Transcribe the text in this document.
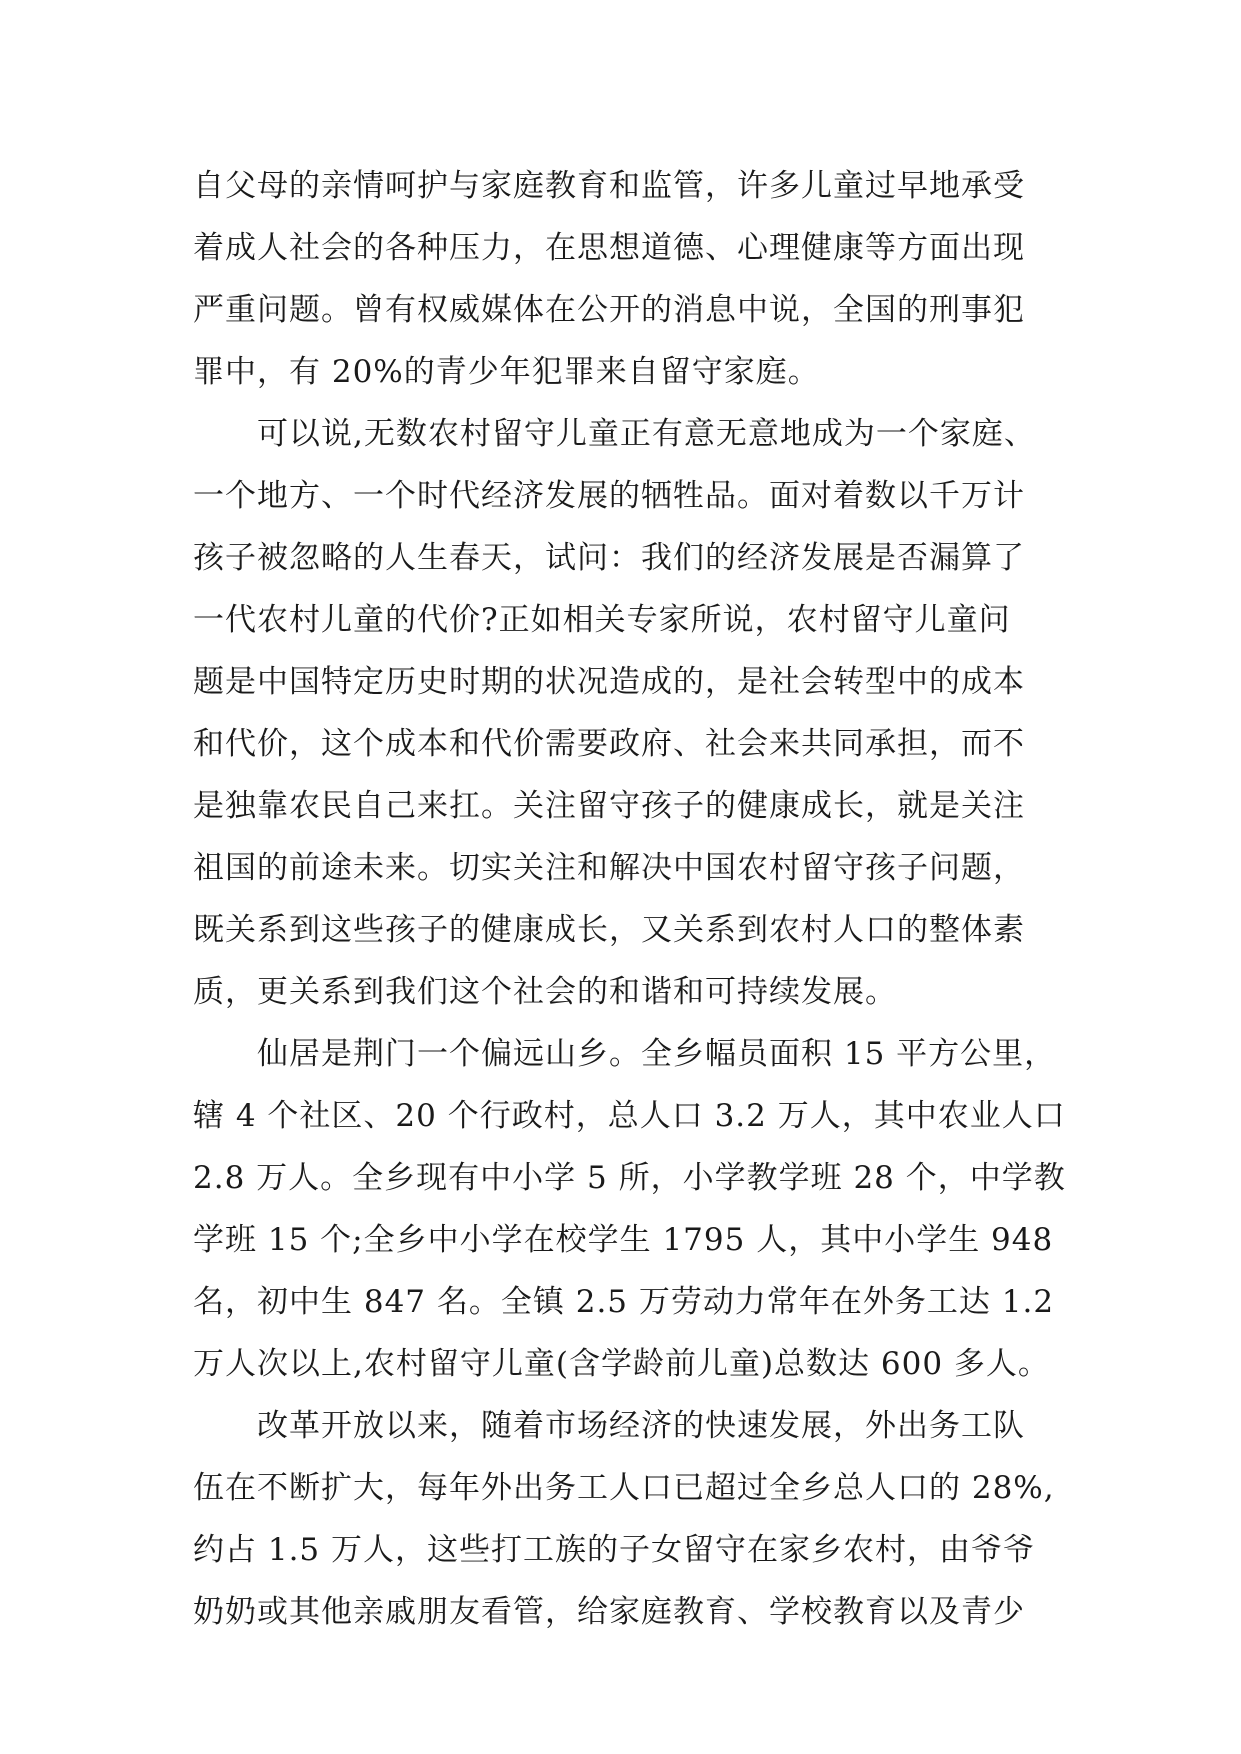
自父母的亲情呵护与家庭教育和监管，许多儿童过早地承受
着成人社会的各种压力，在思想道德、心理健康等方面出现
严重问题。曾有权威媒体在公开的消息中说，全国的刑事犯
罪中，有 20%的青少年犯罪来自留守家庭。
　　可以说,无数农村留守儿童正有意无意地成为一个家庭、
一个地方、一个时代经济发展的牺牲品。面对着数以千万计
孩子被忽略的人生春天，试问：我们的经济发展是否漏算了
一代农村儿童的代价?正如相关专家所说，农村留守儿童问
题是中国特定历史时期的状况造成的，是社会转型中的成本
和代价，这个成本和代价需要政府、社会来共同承担，而不
是独靠农民自己来扛。关注留守孩子的健康成长，就是关注
祖国的前途未来。切实关注和解决中国农村留守孩子问题，
既关系到这些孩子的健康成长，又关系到农村人口的整体素
质，更关系到我们这个社会的和谐和可持续发展。
　　仙居是荆门一个偏远山乡。全乡幅员面积 15 平方公里，
辖 4 个社区、20 个行政村，总人口 3.2 万人，其中农业人口
2.8 万人。全乡现有中小学 5 所，小学教学班 28 个，中学教
学班 15 个;全乡中小学在校学生 1795 人，其中小学生 948
名，初中生 847 名。全镇 2.5 万劳动力常年在外务工达 1.2
万人次以上,农村留守儿童(含学龄前儿童)总数达 600 多人。
　　改革开放以来，随着市场经济的快速发展，外出务工队
伍在不断扩大，每年外出务工人口已超过全乡总人口的 28%,
约占 1.5 万人，这些打工族的子女留守在家乡农村，由爷爷
奶奶或其他亲戚朋友看管，给家庭教育、学校教育以及青少
